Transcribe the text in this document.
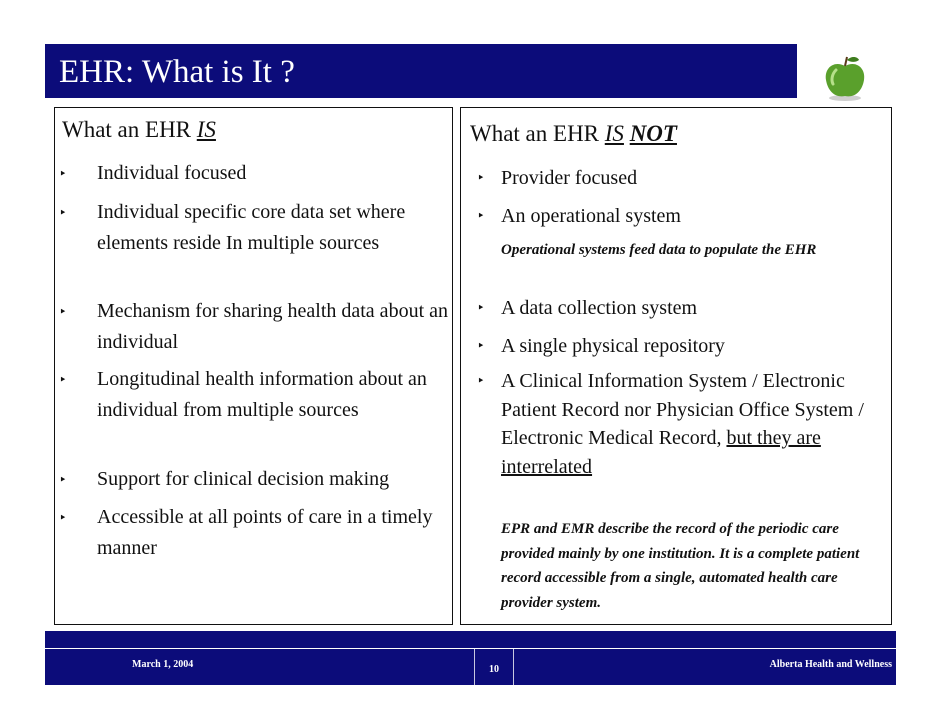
EHR: What is It ?
What an EHR IS
‣ Individual focused
‣ Individual specific core data set where elements reside In multiple sources
‣ Mechanism for sharing health data about an individual
‣ Longitudinal health information about an individual from multiple sources
‣ Support for clinical decision making
‣ Accessible at all points of care in a timely manner
What an EHR IS NOT
‣ Provider focused
‣ An operational system
Operational systems feed data to populate the EHR
‣ A data collection system
‣ A single physical repository
‣ A Clinical Information System / Electronic Patient Record nor Physician Office System / Electronic Medical Record, but they are interrelated
EPR and EMR describe the record of the periodic care provided mainly by one institution. It is a complete patient record accessible from a single, automated health care provider system.
March 1, 2004	10	Alberta Health and Wellness
